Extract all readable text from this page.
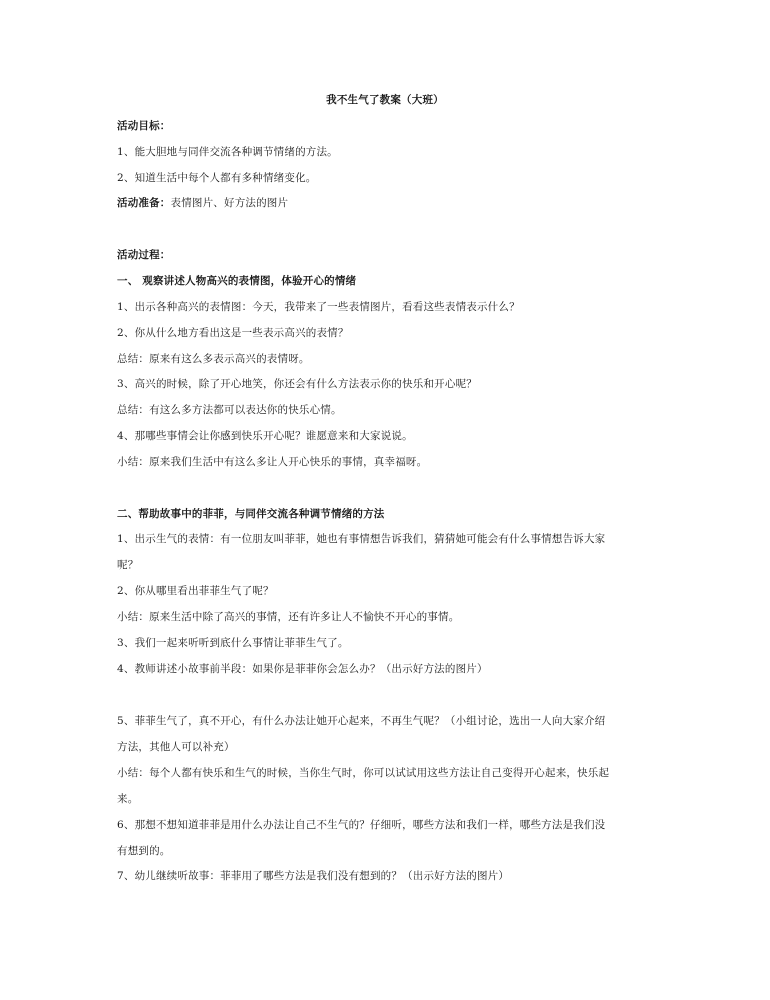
我不生气了教案（大班）
活动目标：
1、能大胆地与同伴交流各种调节情绪的方法。
2、知道生活中每个人都有多种情绪变化。
活动准备：表情图片、好方法的图片
活动过程：
一、 观察讲述人物高兴的表情图，体验开心的情绪
1、出示各种高兴的表情图：今天，我带来了一些表情图片，看看这些表情表示什么？
2、你从什么地方看出这是一些表示高兴的表情？
总结：原来有这么多表示高兴的表情呀。
3、高兴的时候，除了开心地笑，你还会有什么方法表示你的快乐和开心呢？
总结：有这么多方法都可以表达你的快乐心情。
4、那哪些事情会让你感到快乐开心呢？谁愿意来和大家说说。
小结：原来我们生活中有这么多让人开心快乐的事情，真幸福呀。
二、帮助故事中的菲菲，与同伴交流各种调节情绪的方法
1、出示生气的表情：有一位朋友叫菲菲，她也有事情想告诉我们，猜猜她可能会有什么事情想告诉大家
呢？
2、你从哪里看出菲菲生气了呢？
小结：原来生活中除了高兴的事情，还有许多让人不愉快不开心的事情。
3、我们一起来听听到底什么事情让菲菲生气了。
4、教师讲述小故事前半段：如果你是菲菲你会怎么办？（出示好方法的图片）
5、菲菲生气了，真不开心，有什么办法让她开心起来，不再生气呢？（小组讨论，选出一人向大家介绍
方法，其他人可以补充）
小结：每个人都有快乐和生气的时候，当你生气时，你可以试试用这些方法让自己变得开心起来，快乐起
来。
6、那想不想知道菲菲是用什么办法让自己不生气的？仔细听，哪些方法和我们一样，哪些方法是我们没
有想到的。
7、幼儿继续听故事：菲菲用了哪些方法是我们没有想到的？（出示好方法的图片）
